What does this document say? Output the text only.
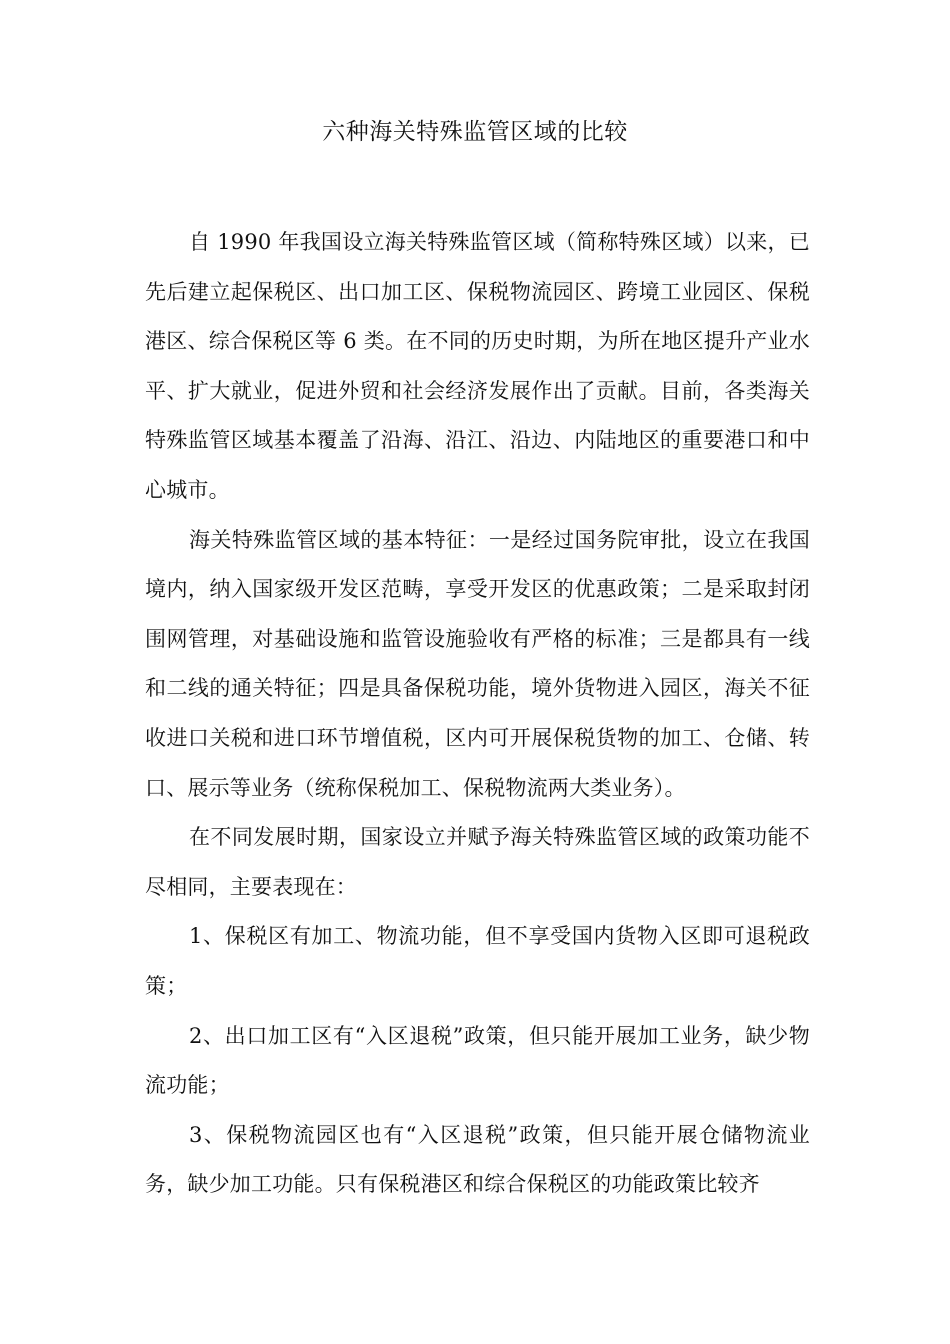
六种海关特殊监管区域的比较

自 1990 年我国设立海关特殊监管区域（简称特殊区域）以来，已先后建立起保税区、出口加工区、保税物流园区、跨境工业园区、保税港区、综合保税区等 6 类。在不同的历史时期，为所在地区提升产业水平、扩大就业，促进外贸和社会经济发展作出了贡献。目前，各类海关特殊监管区域基本覆盖了沿海、沿江、沿边、内陆地区的重要港口和中心城市。

海关特殊监管区域的基本特征：一是经过国务院审批，设立在我国境内，纳入国家级开发区范畴，享受开发区的优惠政策；二是采取封闭围网管理，对基础设施和监管设施验收有严格的标准；三是都具有一线和二线的通关特征；四是具备保税功能，境外货物进入园区，海关不征收进口关税和进口环节增值税，区内可开展保税货物的加工、仓储、转口、展示等业务（统称保税加工、保税物流两大类业务）。

在不同发展时期，国家设立并赋予海关特殊监管区域的政策功能不尽相同，主要表现在：

1、保税区有加工、物流功能，但不享受国内货物入区即可退税政策；

2、出口加工区有“入区退税”政策，但只能开展加工业务，缺少物流功能；

3、保税物流园区也有“入区退税”政策，但只能开展仓储物流业务，缺少加工功能。只有保税港区和综合保税区的功能政策比较齐
